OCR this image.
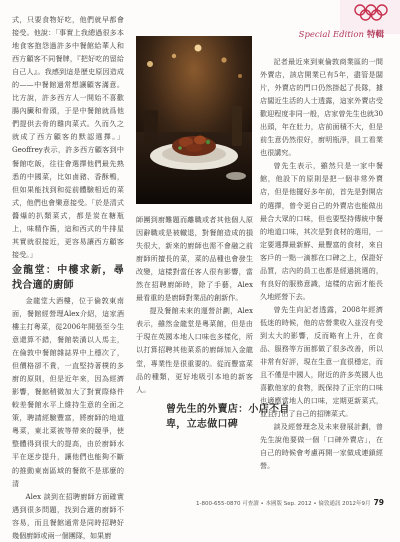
Special Edition 特輯

式，只要食物好吃，他們就早都會接受。他說：「事實上我總過很多本地食客抱怨過許多中餐館給華人和西方顧客不同餐牌，『把好吃的留給自己人』。我感到這是歷史原因造成的——中餐館過常想讓顧客滿意。比方說，許多西方人一開始不喜歡腸內臟和骨頭，于是中餐館就爲他們提供去骨的雞肉菜式。久而久之就成了西方顧客的默認選擇。」Geoffrey表示，許多西方顧客到中餐館吃飯，往往會選擇他們最先熟悉的中國菜，比如鹵豬、香酥鴨，但如果能找到和從前體驗相近的菜式，他們也會樂意接受。「於是清式醬爆的扒類菜式，都是炭在糖瓶上，味精作酱，這和西式的牛排星其實就很接近，更容易讓西方顧客接受。」

金龍堂：中樓求新，尋找合適的廚師

金龍堂大酒樓，位于倫敦東南面，餐館經營理Alex介紹，這家酒樓主打粵菜，從2006年開張至今生意還算不錯，餐館裝潢以人馬主，在倫敦中餐館雜誌界中上穩次了，但價格卻不貴，一直堅持著樸的多廚的原則，但是近年來，因為經濟影響，餐館稍微加大了對實際條件較差餐館水平上維持生意的全面之策，聘請經驗豐富，將廚師的地道粵菜，東北菜被等帶來的競爭，使整體得到很大的提高，由於廚師水平在逐步提升，讓他們也能夠不斷的推動東南區域的餐飲不是那麼的清

Alex 談到在招聘廚師方面確實遇到很多問題，找到合適的廚師不容易，而且餐館通常是同時招聘好幾個廚師或兩一個團隊，如果廚

師團到廚難題而離職或者其他個人原因辭職或是被轍退，對餐館造成的損失很大，新來的廚師也需不會融之前廚師所擅長的菜，菜的品種也會發生改變，這樣對當任客人很有影響，當然在招聘廚師時，除了手藝，Alex 最看重的是廚師對業品的創新作。

提及餐館未來的運營計劃，Alex 表示，雖然金龍堂是粵菜館，但是由于現在英國本地人口味也多樣化，所以打算招聘其他菜系的廚師加入金龍堂，專業性是很重要的。從而豐富菜品的種類，更好地吸引本地的新客人。

曾先生的外賣店：小店不自卑，立志做口碑

記者最近來到東倫敦商業區的一間外賣店，該店開業已有5年，盡管是闆片，外賣店的門口仍然掛起了長隊，據店闆近生活的人士透露，這家外賣店受歡迎程度非同一般，店家曾先生也就30出頭，年在壯力，店前面積不大，但是前生意仍然很好，廚明瓶淨，員工看業也很講究。

曾先生表示，雖然只是一家中餐館，他設下的原則是把一個非常外賣店，但是他擺好多年前，首先是對開店的選擇，曾令更自己的外賣店也能做出最合大眾的口味，但也要堅持傳統中餐的地道口味，其次是對食材的選用，一定要選擇最新鮮、最豐富的食材，來自客戶的一點一滴都在口碑之上，保證好品質，店內的員工也都是經過挑選的，有良好的服務意識，這樣的店面才能長久地經營下去。

曾先生向記者透露，2008年經濟低迷的時候，他的店營業收入並沒有受到太大的影響，反而略有上升，在食品、服務等方面都做了很多改善，所以非常有好評，現在生意一直很穩定，而且不僅是中國人，附近的許多英國人也喜歡他家的食物，既保持了正宗的口味也適應當地人的口味，定期更新菜式，並且打出了自己的招牌菜式。

談及經營理念及未來發展計劃，曾先生說他要做一個「口碑外賣店」，在自己的時候會考慮再開一家做成連鎖經營。

1-800-655-0870 可查讀 • 本國版 Sep. 2012 • 倫敦通訊 2012年9月 79
